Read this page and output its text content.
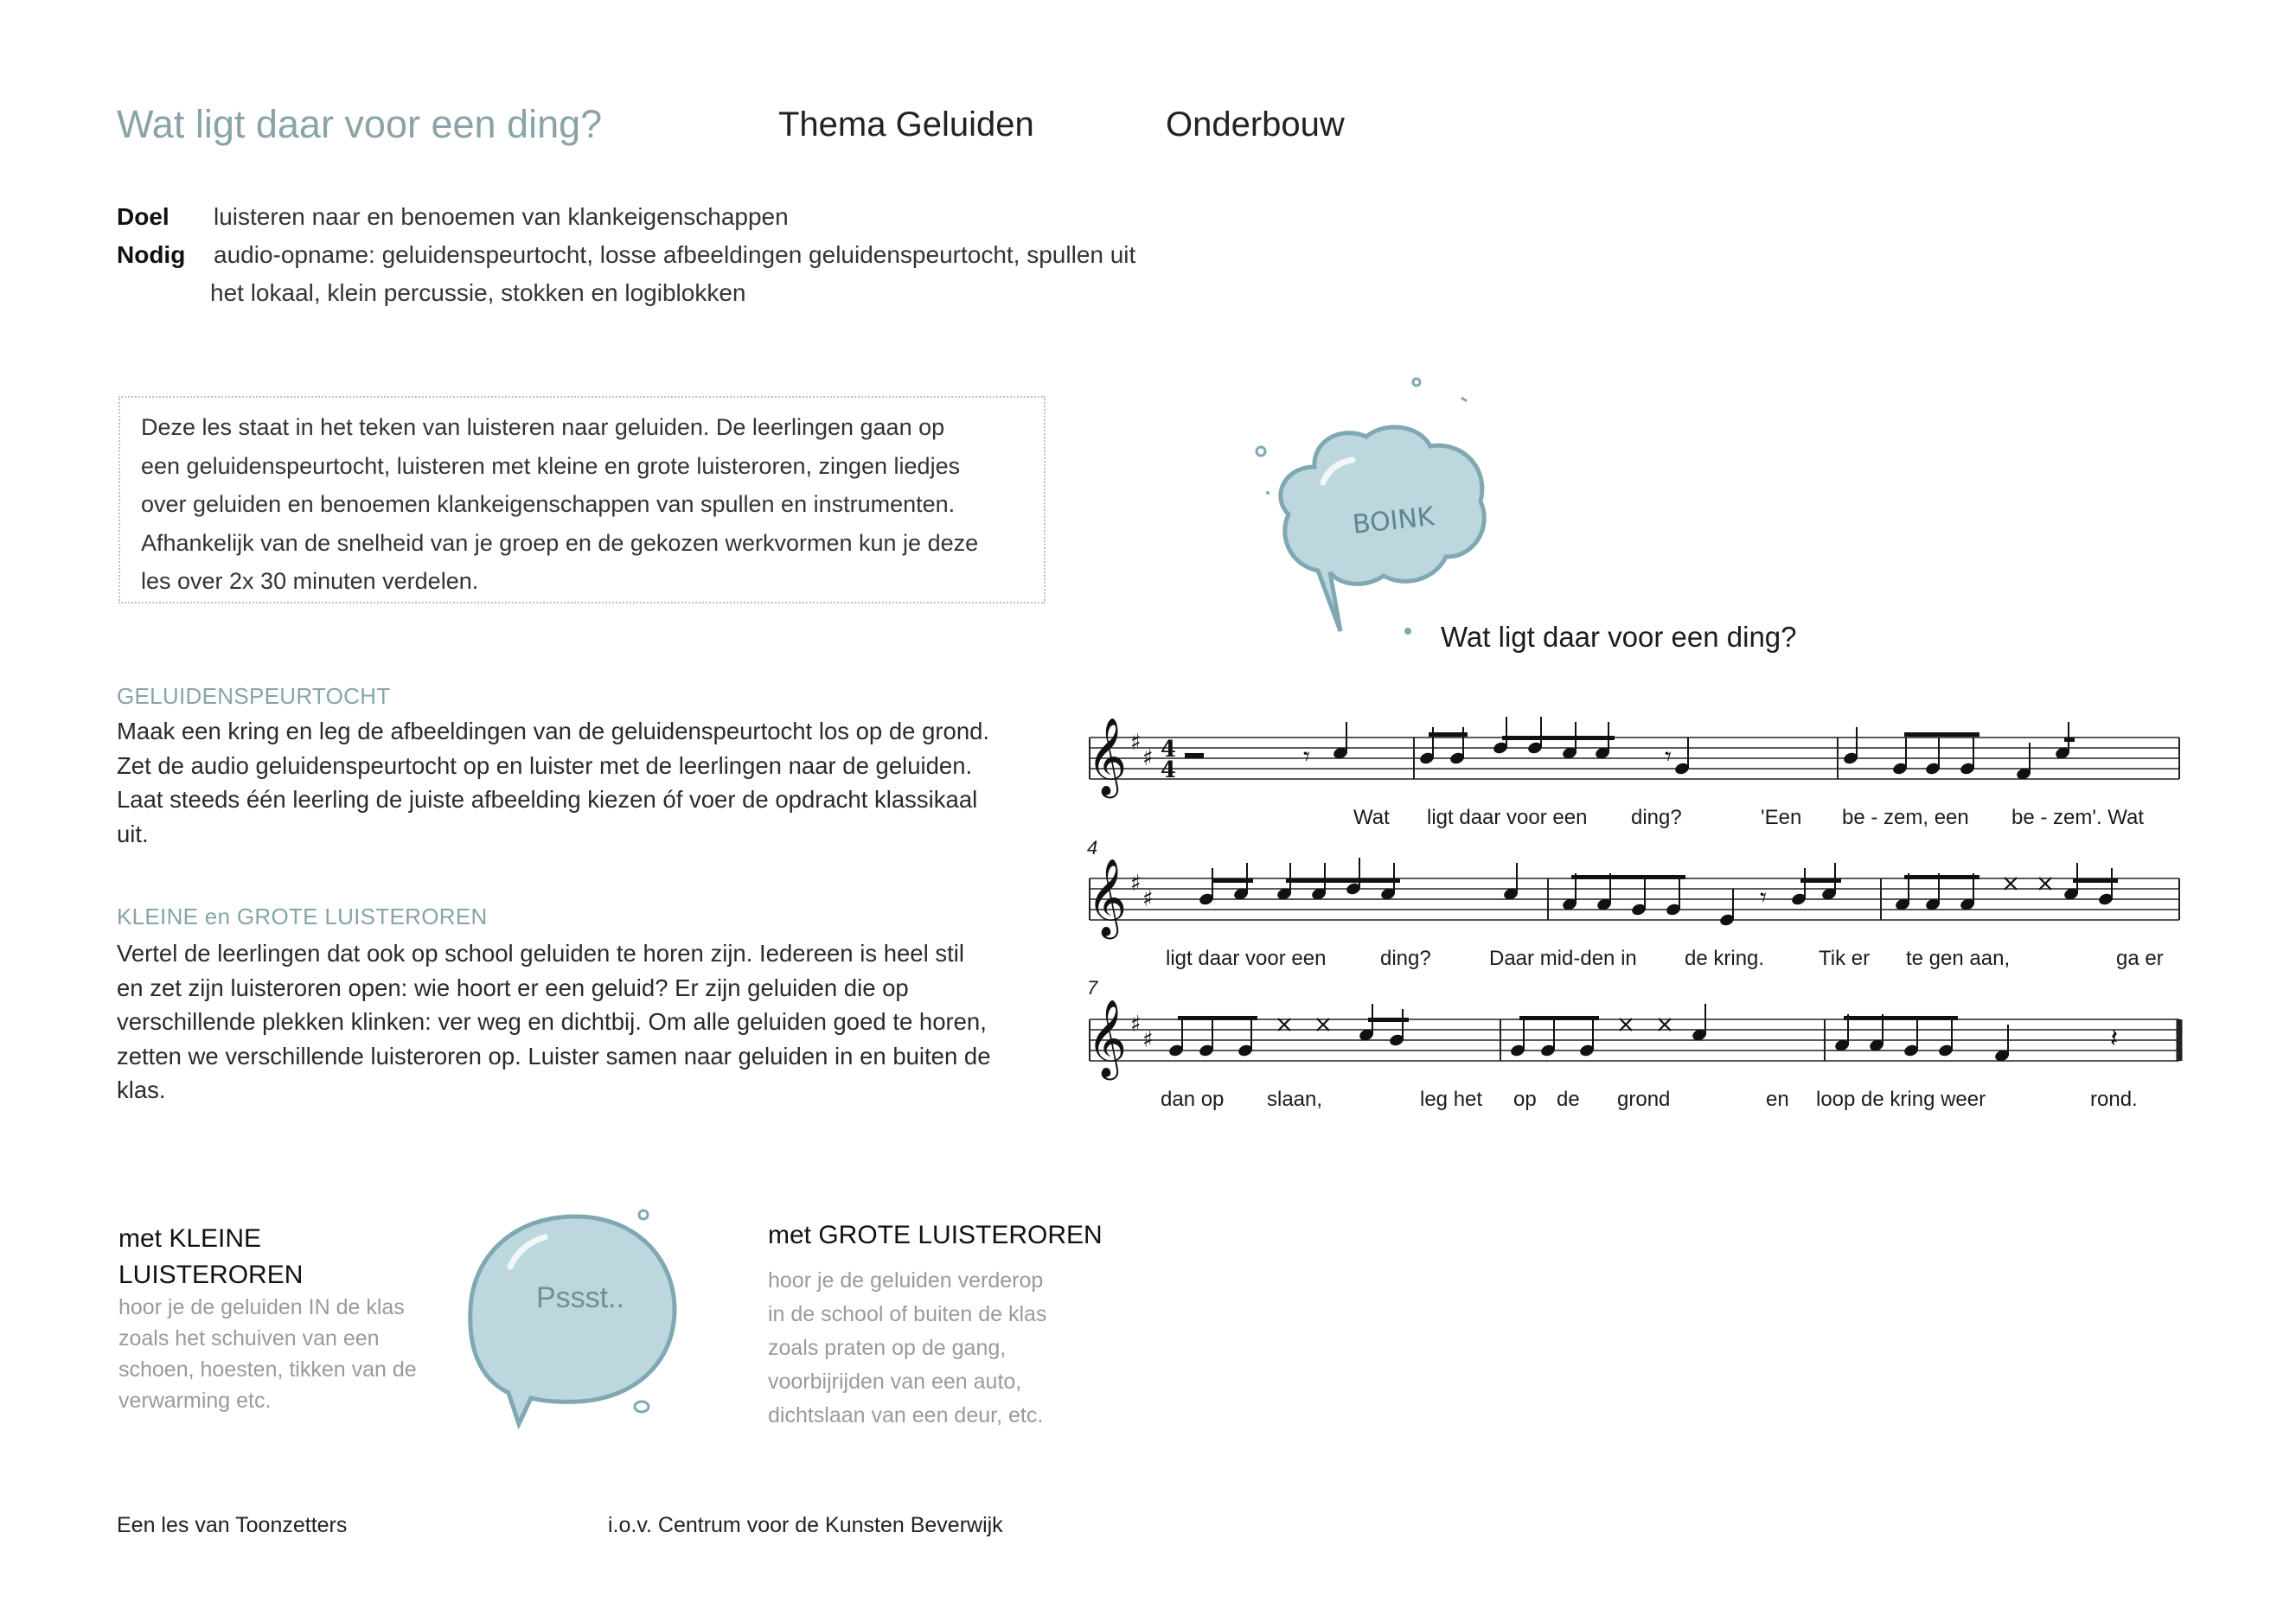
Wat ligt daar voor een ding?	Thema Geluiden	Onderbouw
Doel luisteren naar en benoemen van klankeigenschappen
Nodig audio-opname: geluidenspeurtocht, losse afbeeldingen geluidenspeurtocht, spullen uit
het lokaal, klein percussie, stokken en logiblokken
Deze les staat in het teken van luisteren naar geluiden. De leerlingen gaan op
een geluidenspeurtocht, luisteren met kleine en grote luisteroren, zingen liedjes
over geluiden en benoemen klankeigenschappen van spullen en instrumenten.
Afhankelijk van de snelheid van je groep en de gekozen werkvormen kun je deze
les over 2x 30 minuten verdelen.
GELUIDENSPEURTOCHT
Maak een kring en leg de afbeeldingen van de geluidenspeurtocht los op de grond.
Zet de audio geluidenspeurtocht op en luister met de leerlingen naar de geluiden.
Laat steeds één leerling de juiste afbeelding kiezen óf voer de opdracht klassikaal
uit.
KLEINE en GROTE LUISTERОREN
Vertel de leerlingen dat ook op school geluiden te horen zijn. Iedereen is heel stil
en zet zijn luisteroren open: wie hoort er een geluid? Er zijn geluiden die op
verschillende plekken klinken: ver weg en dichtbij. Om alle geluiden goed te horen,
zetten we verschillende luisteroren op. Luister samen naar geluiden in en buiten de
klas.
met KLEINE
LUISTERОREN
hoor je de geluiden IN de klas
zoals het schuiven van een
schoen, hoesten, tikken van de
verwarming etc.
Pssst..
met GROTE LUISTERОREN
hoor je de geluiden verderop
in de school of buiten de klas
zoals praten op de gang,
voorbijrijden van een auto,
dichtslaan van een deur, etc.
BOINK
Wat ligt daar voor een ding?
𝄞 ♯
♯
𝄞 ♯
♯
𝄞 ♯
♯
4
4	𝄾	𝄾
𝄾
𝄽
Wat ligt daar voor een ding?	'Een be - zem, een be - zem'. Wat
ligt daar voor een	ding?	Daar mid-den in de kring.	Tik er te gen aan,	ga er
dan op slaan,	leg het op de grond	en loop de kring weer	rond.
4
7
Een les van Toonzetters	i.o.v. Centrum voor de Kunsten Beverwijk
